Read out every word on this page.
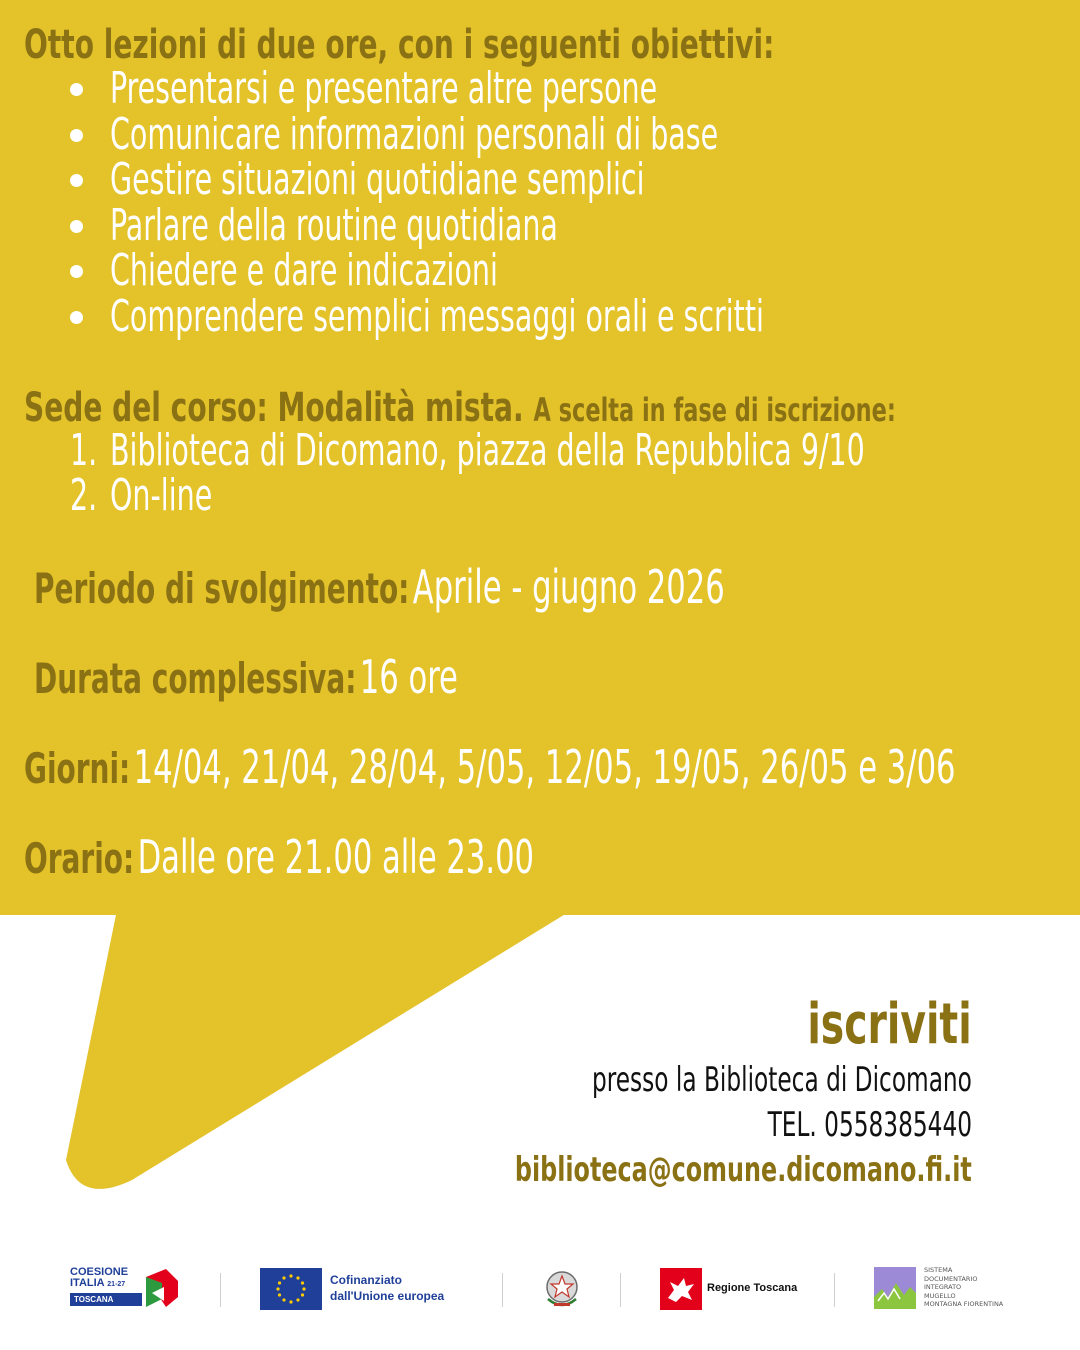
Otto lezioni di due ore, con i seguenti obiettivi:
Presentarsi e presentare altre persone
Comunicare informazioni personali di base
Gestire situazioni quotidiane semplici
Parlare della routine quotidiana
Chiedere e dare indicazioni
Comprendere semplici messaggi orali e scritti
Sede del corso: Modalità mista. A scelta in fase di iscrizione:
1. Biblioteca di Dicomano, piazza della Repubblica 9/10
2. On-line
Periodo di svolgimento: Aprile - giugno 2026
Durata complessiva: 16 ore
Giorni: 14/04, 21/04, 28/04, 5/05, 12/05, 19/05, 26/05 e 3/06
Orario: Dalle ore 21.00 alle 23.00
iscriviti
presso la Biblioteca di Dicomano
TEL. 0558385440
biblioteca@comune.dicomano.fi.it
COESIONE
ITALIA 21-27
TOSCANA
Cofinanziato
dall'Unione europea
Regione Toscana
SISTEMA
DOCUMENTARIO
INTEGRATO
MUGELLO
MONTAGNA FIORENTINA
